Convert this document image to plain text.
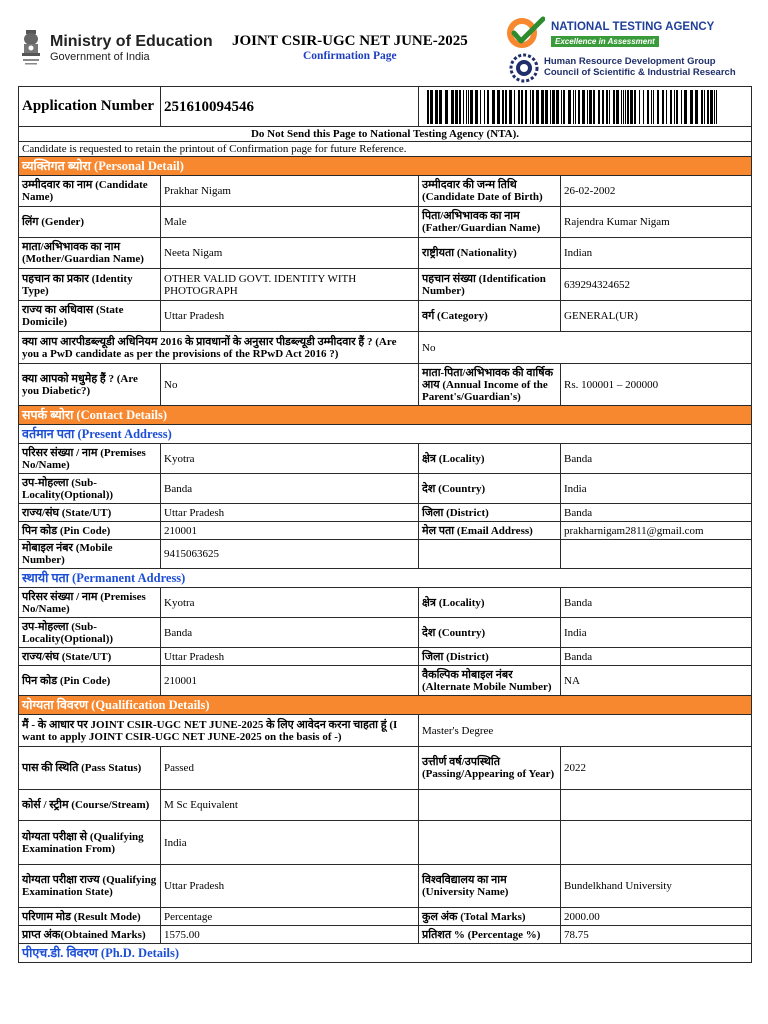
Ministry of Education
Government of India
JOINT CSIR-UGC NET JUNE-2025
Confirmation Page
NATIONAL TESTING AGENCY
Excellence in Assessment
Human Resource Development Group
Council of Scientific & Industrial Research
Application Number	251610094546	

Do Not Send this Page to National Testing Agency (NTA).			
Candidate is requested to retain the printout of Confirmation page for future Reference.			
व्यक्तिगत ब्योरा (Personal Detail)			
उम्मीदवार का नाम (Candidate Name)	Prakhar Nigam	उम्मीदवार की जन्म तिथि (Candidate Date of Birth)	26-02-2002
लिंग (Gender)	Male	पिता/अभिभावक का नाम (Father/Guardian Name)	Rajendra Kumar Nigam
माता/अभिभावक का नाम (Mother/Guardian Name)	Neeta Nigam	राष्ट्रीयता (Nationality)	Indian
पहचान का प्रकार (Identity Type)	OTHER VALID GOVT. IDENTITY WITH PHOTOGRAPH	पहचान संख्या (Identification Number)	639294324652
राज्य का अधिवास (State Domicile)	Uttar Pradesh	वर्ग (Category)	GENERAL(UR)
क्या आप आरपीडब्ल्यूडी अधिनियम 2016 के प्रावधानों के अनुसार पीडब्ल्यूडी उम्मीदवार हैं ? (Are you a PwD candidate as per the provisions of the RPwD Act 2016 ?)		No	
क्या आपको मधुमेह हैं ? (Are you Diabetic?)	No	माता-पिता/अभिभावक की वार्षिक आय (Annual Income of the Parent's/Guardian's)	Rs. 100001 – 200000
सपर्क ब्योरा (Contact Details)			
वर्तमान पता (Present Address)			
परिसर संख्या / नाम (Premises No/Name)	Kyotra	क्षेत्र (Locality)	Banda
उप-मोहल्ला (Sub-Locality(Optional))	Banda	देश (Country)	India
राज्य/संघ (State/UT)	Uttar Pradesh	जिला (District)	Banda
पिन कोड (Pin Code)	210001	मेल पता (Email Address)	prakharnigam2811@gmail.com
मोबाइल नंबर (Mobile Number)	9415063625		
स्थायी पता (Permanent Address)			
परिसर संख्या / नाम (Premises No/Name)	Kyotra	क्षेत्र (Locality)	Banda
उप-मोहल्ला (Sub-Locality(Optional))	Banda	देश (Country)	India
राज्य/संघ (State/UT)	Uttar Pradesh	जिला (District)	Banda
पिन कोड (Pin Code)	210001	वैकल्पिक मोबाइल नंबर (Alternate Mobile Number)	NA
योग्यता विवरण (Qualification Details)			
मैं - के आधार पर JOINT CSIR-UGC NET JUNE-2025 के लिए आवेदन करना चाहता हूं (I want to apply JOINT CSIR-UGC NET JUNE-2025 on the basis of -)		Master's Degree	
पास की स्थिति (Pass Status)	Passed	उत्तीर्ण वर्ष/उपस्थिति (Passing/Appearing of Year)	2022
कोर्स / स्ट्रीम (Course/Stream)	M Sc Equivalent		
योग्यता परीक्षा से (Qualifying Examination From)	India		
योग्यता परीक्षा राज्य (Qualifying Examination State)	Uttar Pradesh	विश्वविद्यालय का नाम (University Name)	Bundelkhand University
परिणाम मोड (Result Mode)	Percentage	कुल अंक (Total Marks)	2000.00
प्राप्त अंक(Obtained Marks)	1575.00	प्रतिशत % (Percentage %)	78.75
पीएच.डी. विवरण (Ph.D. Details)			
